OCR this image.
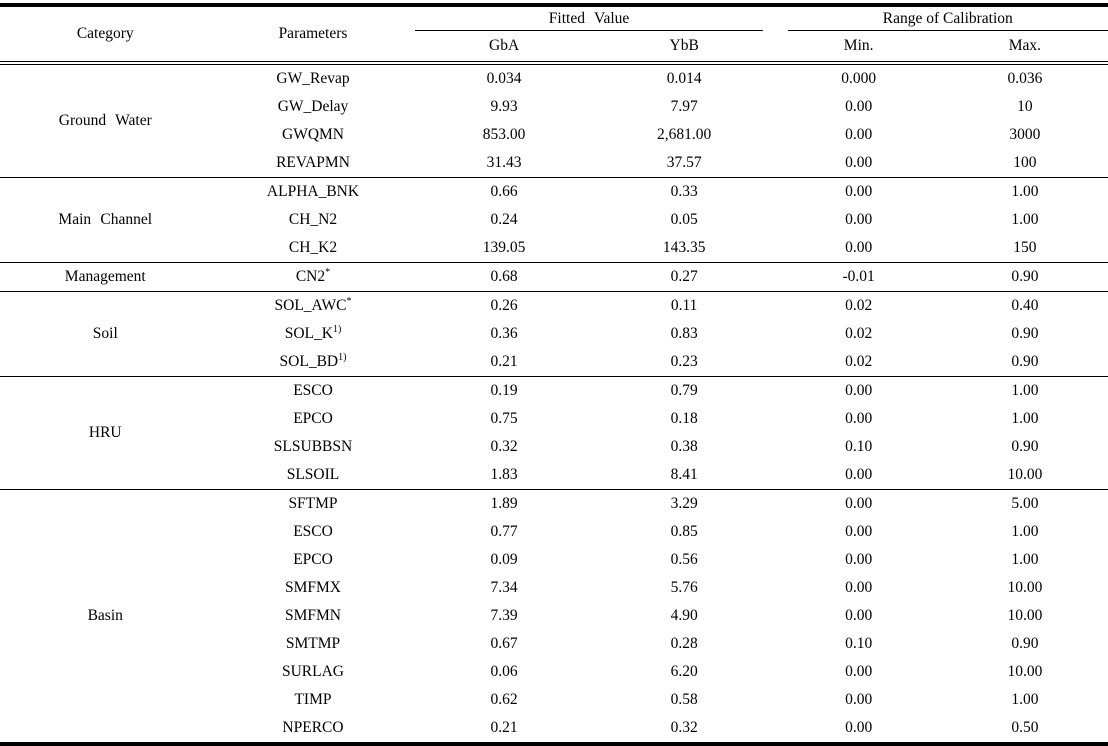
Category	Parameters	Fitted Value		Range of Calibration	

		GbA	YbB	Min.	Max.
Ground Water	GW_Revap	0.034	0.014	0.000	0.036
	GW_Delay	9.93	7.97	0.00	10
	GWQMN	853.00	2,681.00	0.00	3000
	REVAPMN	31.43	37.57	0.00	100
Main Channel	ALPHA_BNK	0.66	0.33	0.00	1.00
	CH_N2	0.24	0.05	0.00	1.00
	CH_K2	139.05	143.35	0.00	150
Management	CN2*	0.68	0.27	-0.01	0.90
Soil	SOL_AWC*	0.26	0.11	0.02	0.40
	$SOL\_K^{1)}$	0.36	0.83	0.02	0.90
	SOL_BD$^{1)}$	0.21	0.23	0.02	0.90
HRU	ESCO	0.19	0.79	0.00	1.00
	EPCO	0.75	0.18	0.00	1.00
	SLSUBBSN	0.32	0.38	0.10	0.90
	SLSOIL	1.83	8.41	0.00	10.00
Basin	SFTMP	1.89	3.29	0.00	5.00
	ESCO	0.77	0.85	0.00	1.00
	EPCO	0.09	0.56	0.00	1.00
	SMFMX	7.34	5.76	0.00	10.00
	SMFMN	7.39	4.90	0.00	10.00
	SMTMP	0.67	0.28	0.10	0.90
	SURLAG	0.06	6.20	0.00	10.00
	TIMP	0.62	0.58	0.00	1.00
	NPERCO	0.21	0.32	0.00	0.50
